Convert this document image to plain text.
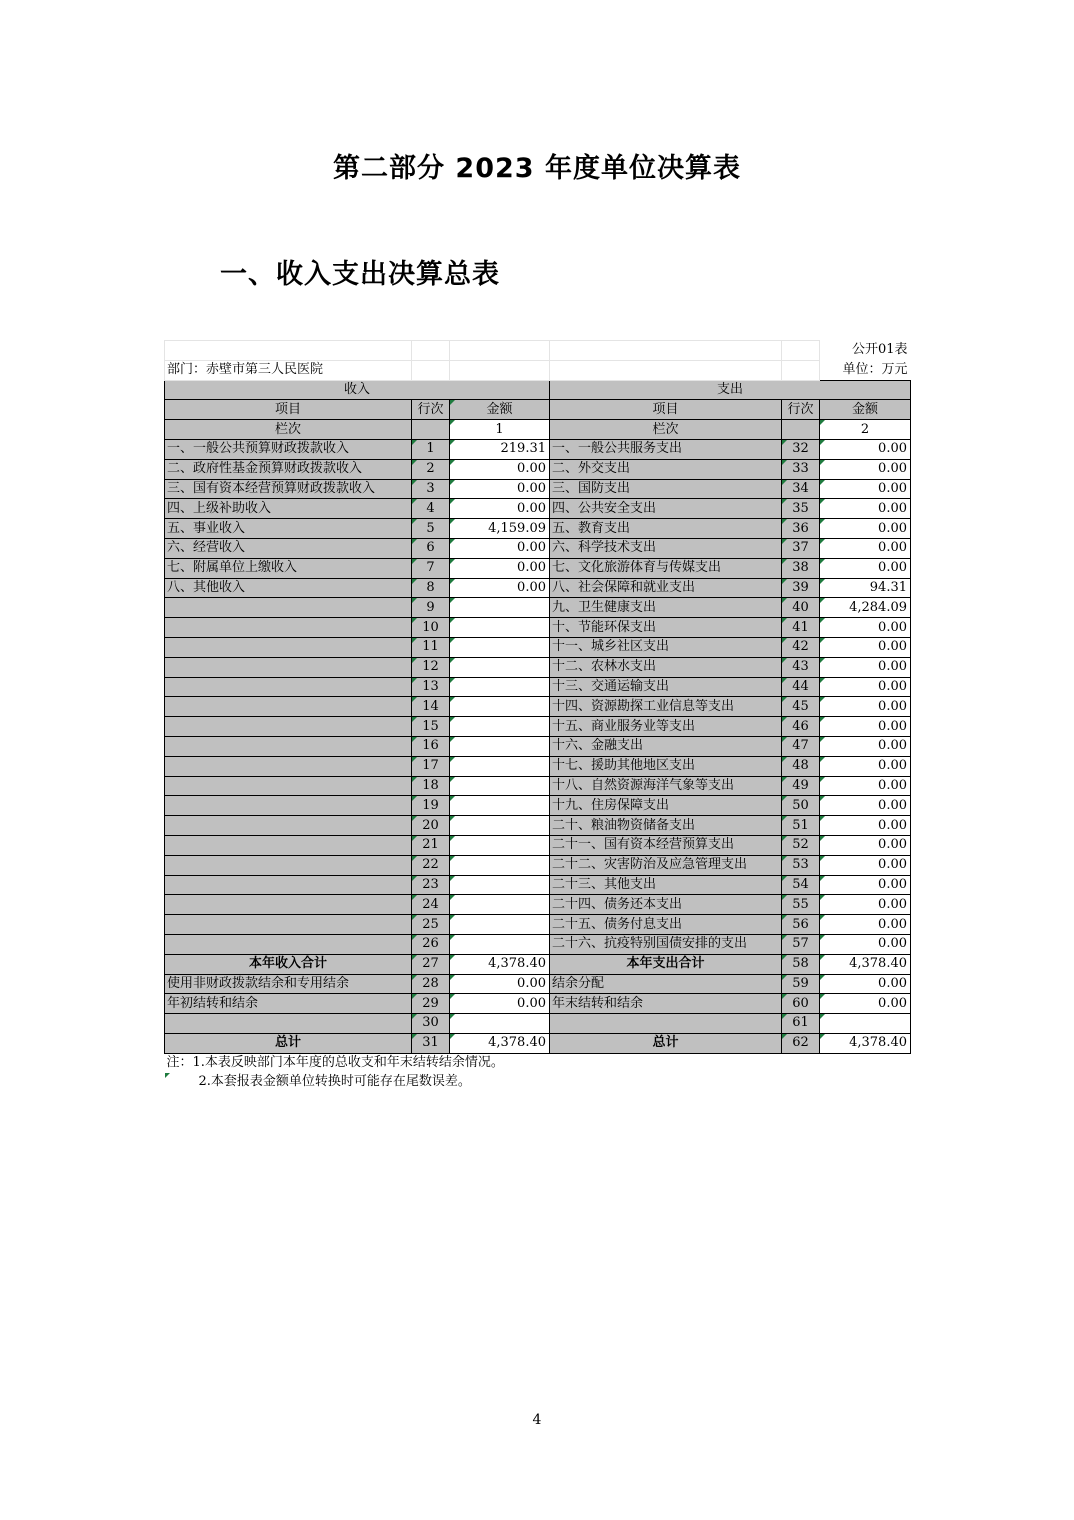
第二部分 2023 年度单位决算表
一、收入支出决算总表
					公开01表
部门：赤壁市第三人民医院					单位：万元
收入			支出		
项目	行次	金额	项目	行次	金额
栏次		1	栏次		2
一、一般公共预算财政拨款收入	1	219.31	一、一般公共服务支出	32	0.00
二、政府性基金预算财政拨款收入	2	0.00	二、外交支出	33	0.00
三、国有资本经营预算财政拨款收入	3	0.00	三、国防支出	34	0.00
四、上级补助收入	4	0.00	四、公共安全支出	35	0.00
五、事业收入	5	4,159.09	五、教育支出	36	0.00
六、经营收入	6	0.00	六、科学技术支出	37	0.00
七、附属单位上缴收入	7	0.00	七、文化旅游体育与传媒支出	38	0.00
八、其他收入	8	0.00	八、社会保障和就业支出	39	94.31
	9		九、卫生健康支出	40	4,284.09
	10		十、节能环保支出	41	0.00
	11		十一、城乡社区支出	42	0.00
	12		十二、农林水支出	43	0.00
	13		十三、交通运输支出	44	0.00
	14		十四、资源勘探工业信息等支出	45	0.00
	15		十五、商业服务业等支出	46	0.00
	16		十六、金融支出	47	0.00
	17		十七、援助其他地区支出	48	0.00
	18		十八、自然资源海洋气象等支出	49	0.00
	19		十九、住房保障支出	50	0.00
	20		二十、粮油物资储备支出	51	0.00
	21		二十一、国有资本经营预算支出	52	0.00
	22		二十二、灾害防治及应急管理支出	53	0.00
	23		二十三、其他支出	54	0.00
	24		二十四、债务还本支出	55	0.00
	25		二十五、债务付息支出	56	0.00
	26		二十六、抗疫特别国债安排的支出	57	0.00
本年收入合计	27	4,378.40	本年支出合计	58	4,378.40
使用非财政拨款结余和专用结余	28	0.00	结余分配	59	0.00
年初结转和结余	29	0.00	年末结转和结余	60	0.00
	30			61	
总计	31	4,378.40	总计	62	4,378.40
注：1.本表反映部门本年度的总收支和年末结转结余情况。					
2.本套报表金额单位转换时可能存在尾数误差。					
4
